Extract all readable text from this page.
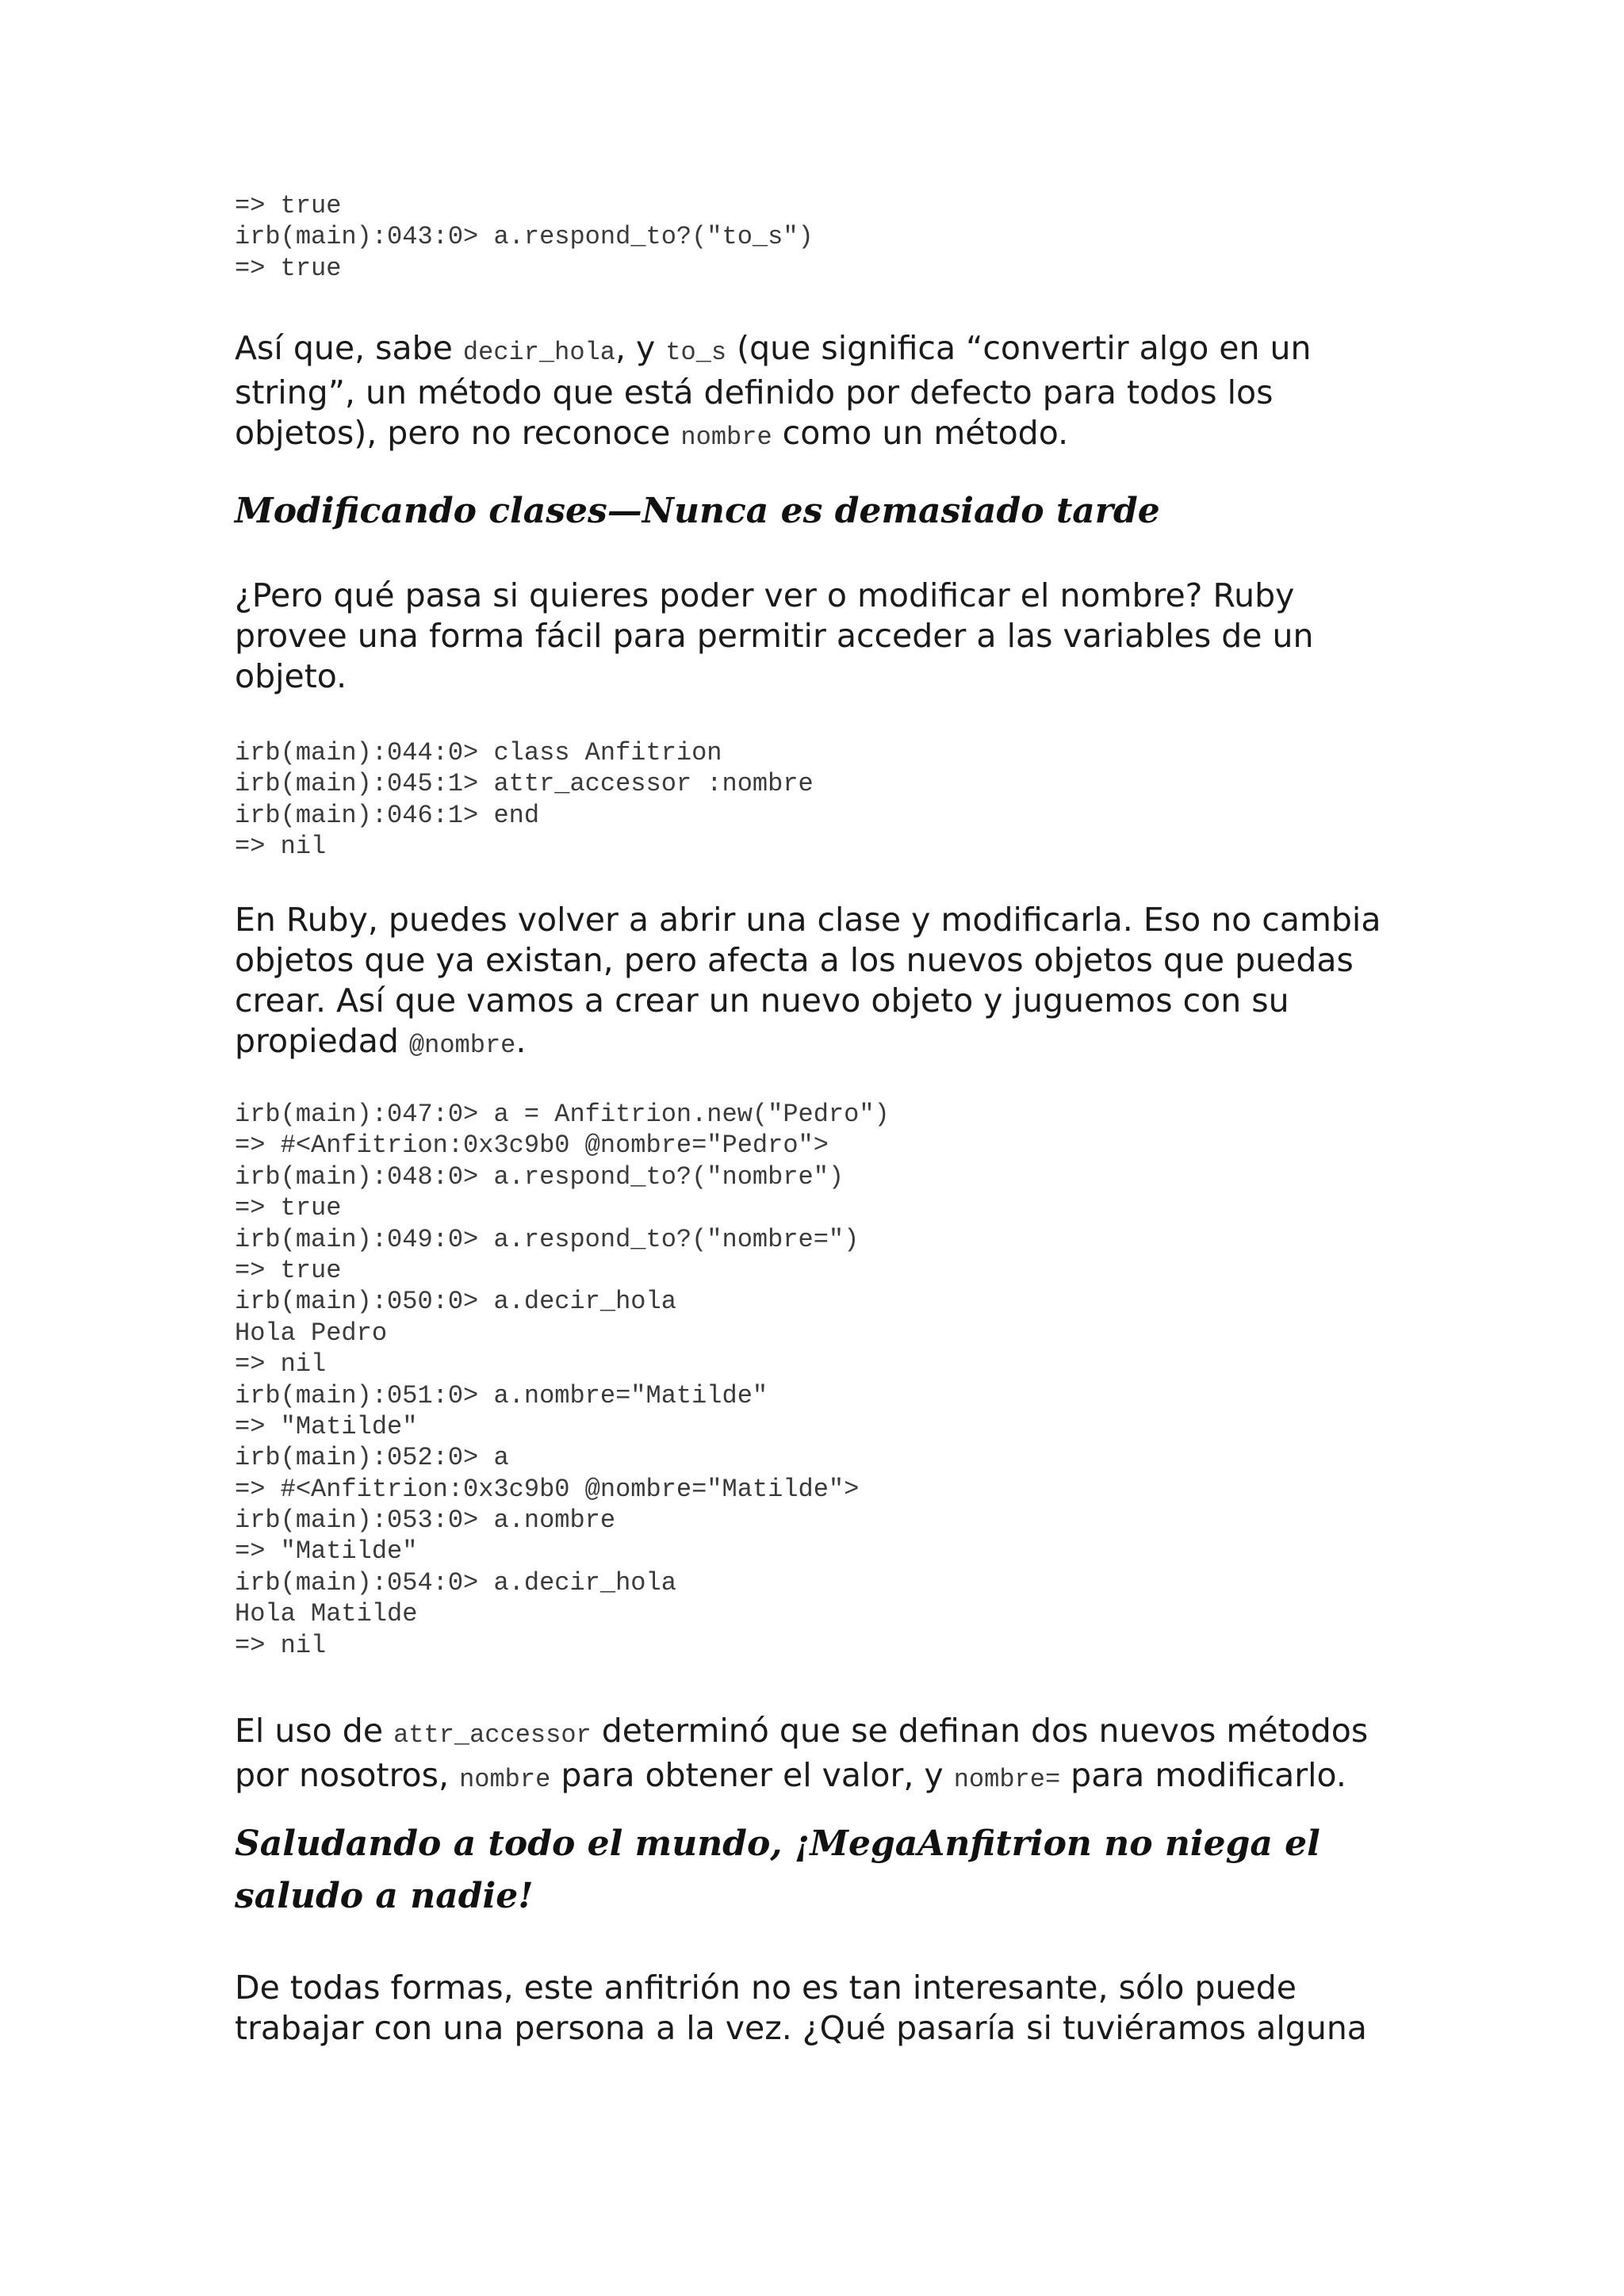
=> true
irb(main):043:0> a.respond_to?("to_s")
=> true

Así que, sabe decir_hola, y to_s (que significa “convertir algo en un string”, un método que está definido por defecto para todos los objetos), pero no reconoce nombre como un método.

Modificando clases—Nunca es demasiado tarde

¿Pero qué pasa si quieres poder ver o modificar el nombre? Ruby provee una forma fácil para permitir acceder a las variables de un objeto.

irb(main):044:0> class Anfitrion
irb(main):045:1> attr_accessor :nombre
irb(main):046:1> end
=> nil

En Ruby, puedes volver a abrir una clase y modificarla. Eso no cambia objetos que ya existan, pero afecta a los nuevos objetos que puedas crear. Así que vamos a crear un nuevo objeto y juguemos con su propiedad @nombre.

irb(main):047:0> a = Anfitrion.new("Pedro")
=> #<Anfitrion:0x3c9b0 @nombre="Pedro">
irb(main):048:0> a.respond_to?("nombre")
=> true
irb(main):049:0> a.respond_to?("nombre=")
=> true
irb(main):050:0> a.decir_hola
Hola Pedro
=> nil
irb(main):051:0> a.nombre="Matilde"
=> "Matilde"
irb(main):052:0> a
=> #<Anfitrion:0x3c9b0 @nombre="Matilde">
irb(main):053:0> a.nombre
=> "Matilde"
irb(main):054:0> a.decir_hola
Hola Matilde
=> nil

El uso de attr_accessor determinó que se definan dos nuevos métodos por nosotros, nombre para obtener el valor, y nombre= para modificarlo.

Saludando a todo el mundo, ¡MegaAnfitrion no niega el saludo a nadie!

De todas formas, este anfitrión no es tan interesante, sólo puede trabajar con una persona a la vez. ¿Qué pasaría si tuviéramos alguna
